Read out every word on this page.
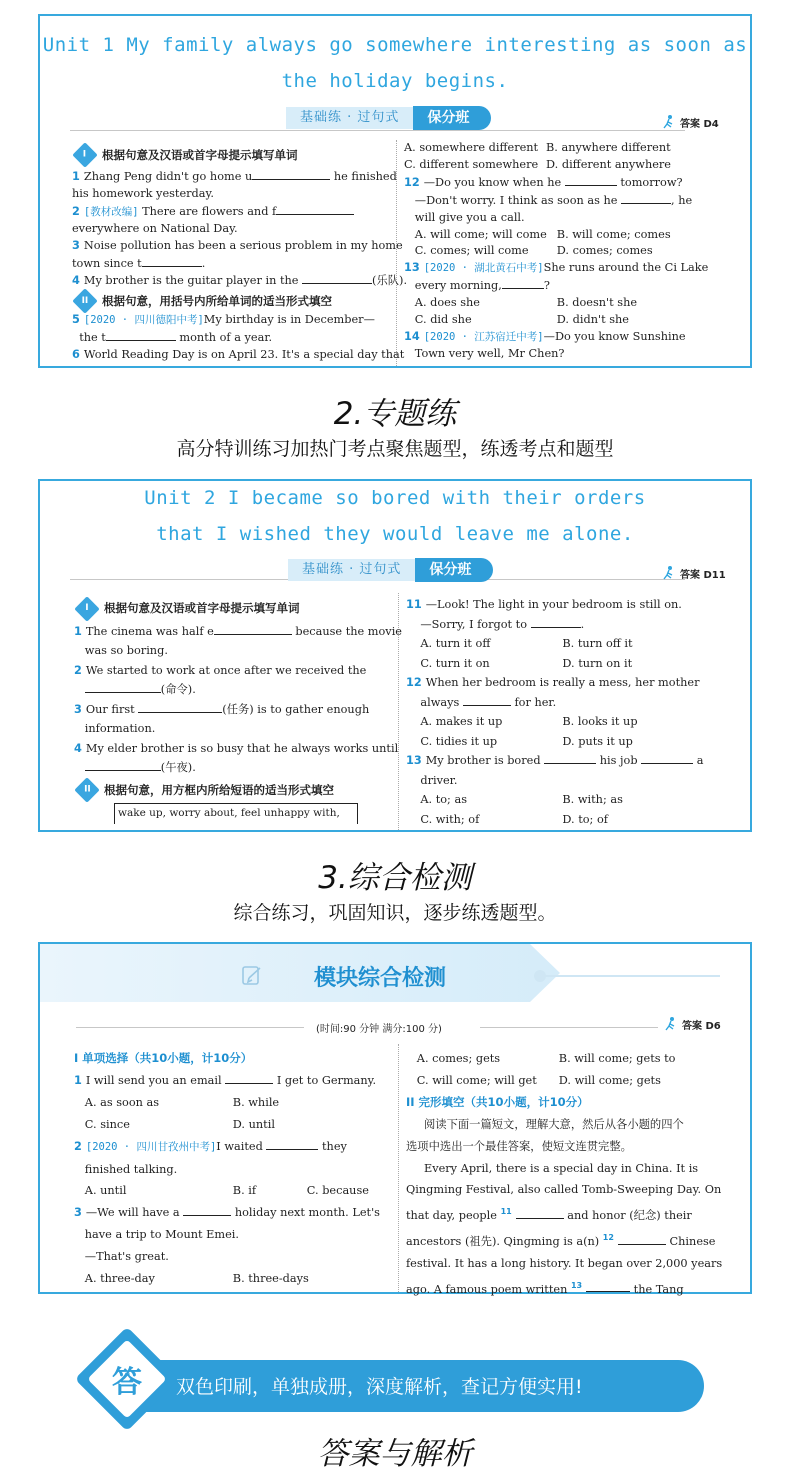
Unit 1 My family always go somewhere interesting as soon as
the holiday begins.
基础练 · 过句式	保分班	答案 D4
I 根据句意及汉语或首字母提示填写单词
1 Zhang Peng didn't go home u	he finished
his homework yesterday.
2 [教材改编] There are flowers and f
everywhere on National Day.
3 Noise pollution has been a serious problem in my home
town since t	.
4 My brother is the guitar player in the	(乐队).
II 根据句意，用括号内所给单词的适当形式填空
5 [2020 · 四川德阳中考]My birthday is in December—
the t	month of a year.
6 World Reading Day is on April 23. It's a special day that
A. somewhere different B. anywhere different
C. different somewhere D. different anywhere
12 —Do you know when he	tomorrow?
—Don't worry. I think as soon as he	, he
will give you a call.

A. will come; will come B. will come; comes

C. comes; will come	D. comes; comes
13 [2020 · 湖北黄石中考]She runs around the Ci Lake
every morning,	?

A. does she	B. doesn't she

C. did she	D. didn't she
14 [2020 · 江苏宿迁中考]—Do you know Sunshine
Town very well, Mr Chen?
2.专题练
高分特训练习加热门考点聚焦题型，练透考点和题型
Unit 2 I became so bored with their orders
that I wished they would leave me alone.
基础练 · 过句式	保分班	答案 D11
I 根据句意及汉语或首字母提示填写单词
1 The cinema was half e	because the movie
was so boring.
2 We started to work at once after we received the
(命令).
3 Our first	(任务) is to gather enough
information.
4 My elder brother is so busy that he always works until
(午夜).
II 根据句意，用方框内所给短语的适当形式填空
wake up, worry about, feel unhappy with,
11 —Look! The light in your bedroom is still on.
—Sorry, I forgot to	.

A. turn it off	B. turn off it

C. turn it on	D. turn on it
12 When her bedroom is really a mess, her mother
always	for her.

A. makes it up	B. looks it up

C. tidies it up	D. puts it up
13 My brother is bored	his job	a
driver.

A. to; as	B. with; as

C. with; of	D. to; of
3.综合检测
综合练习，巩固知识，逐步练透题型。
模块综合检测
(时间:90 分钟 满分:100 分)	答案 D6
I 单项选择（共10小题，计10分）
1 I will send you an email	I get to Germany.

A. as soon as	B. while

C. since	D. until
2 [2020 · 四川甘孜州中考]I waited	they
finished talking.

A. until	B. if	C. because
3 —We will have a	holiday next month. Let's
have a trip to Mount Emei.
—That's great.

A. three-day	B. three-days

A. comes; gets	B. will come; gets to

C. will come; will get	D. will come; gets
II 完形填空（共10小题，计10分）
阅读下面一篇短文，理解大意，然后从各小题的四个
选项中选出一个最佳答案，使短文连贯完整。
Every April, there is a special day in China. It is
Qingming Festival, also called Tomb-Sweeping Day. On
that day, people $^{11}$	and honor (纪念) their
ancestors (祖先). Qingming is a(n) $^{12}$	Chinese
festival. It has a long history. It began over 2,000 years
ago. A famous poem written $^{13}$	the Tang
双色印刷，单独成册，深度解析，查记方便实用!
答
答案与解析
